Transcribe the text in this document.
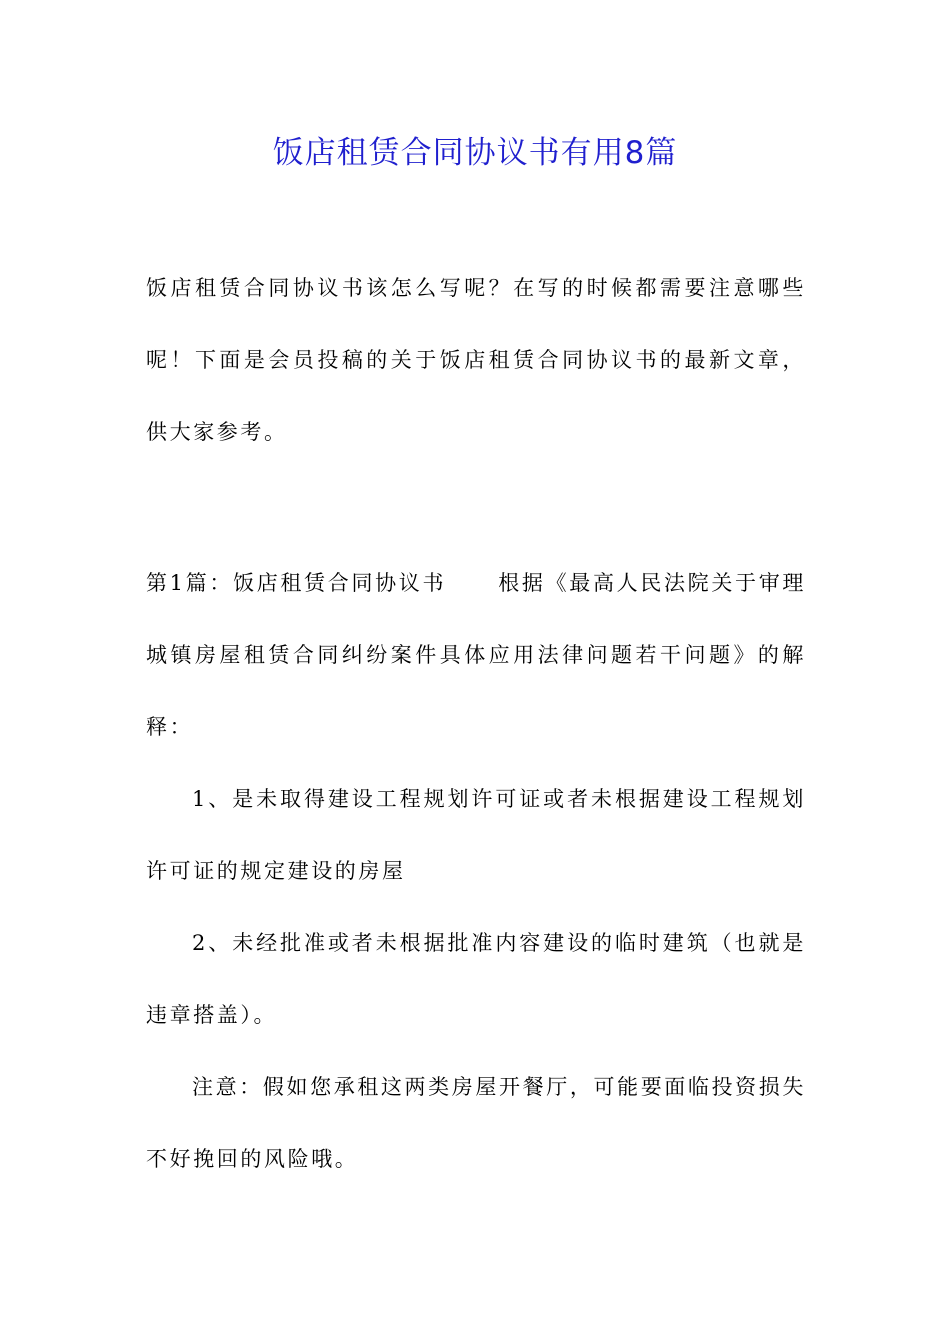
饭店租赁合同协议书有用8篇

饭店租赁合同协议书该怎么写呢？在写的时候都需要注意哪些呢！下面是会员投稿的关于饭店租赁合同协议书的最新文章，供大家参考。

第1篇：饭店租赁合同协议书 根据《最高人民法院关于审理城镇房屋租赁合同纠纷案件具体应用法律问题若干问题》的解释：

1、是未取得建设工程规划许可证或者未根据建设工程规划许可证的规定建设的房屋

2、未经批准或者未根据批准内容建设的临时建筑（也就是违章搭盖）。

注意：假如您承租这两类房屋开餐厅，可能要面临投资损失不好挽回的风险哦。
